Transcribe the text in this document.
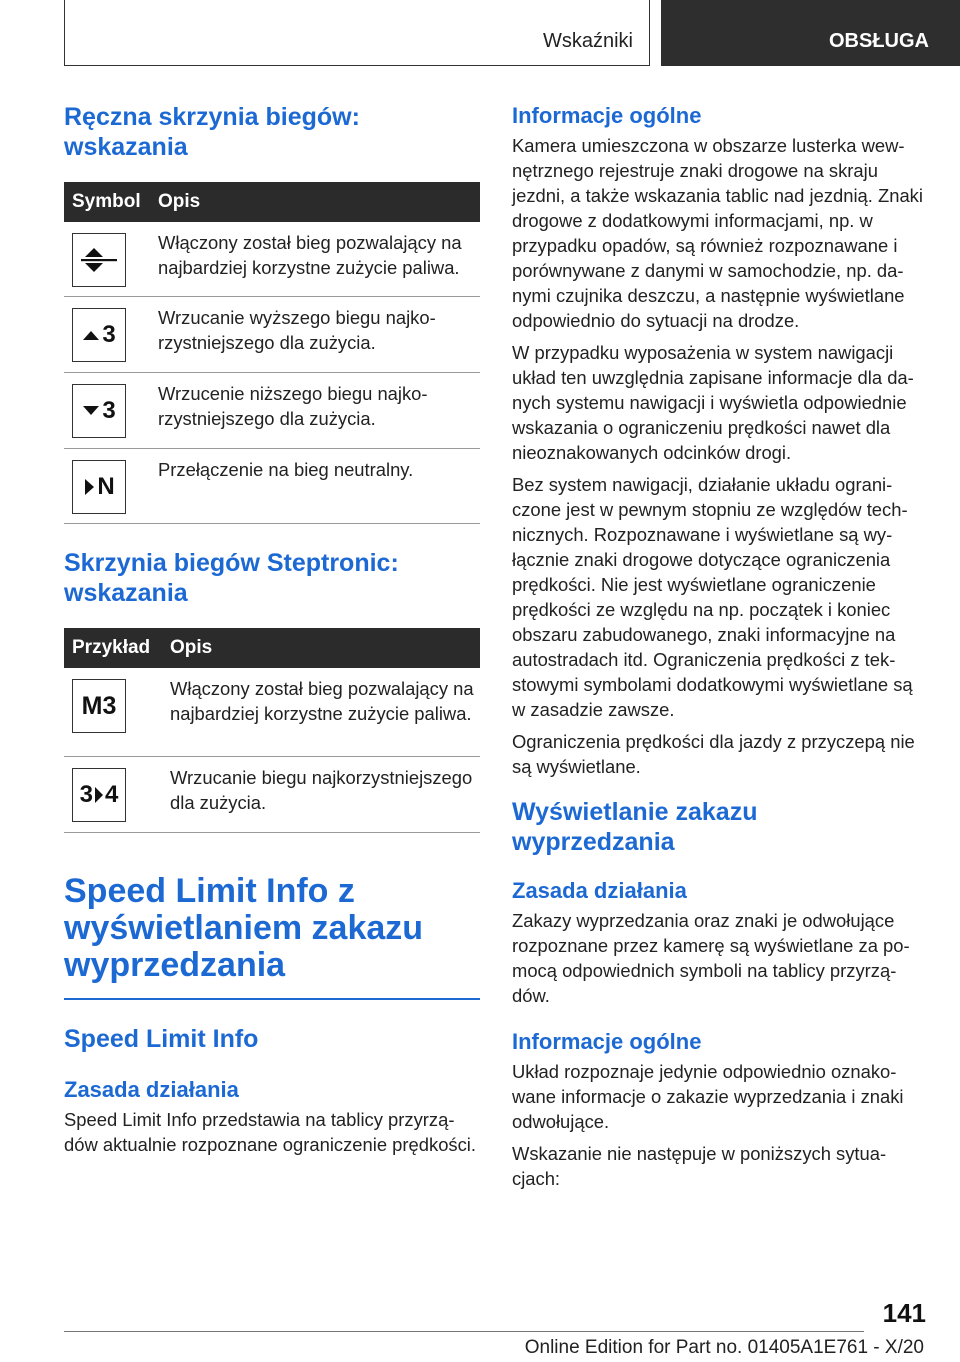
Wskaźniki	OBSŁUGA
Ręczna skrzynia biegów: wskazania
Symbol Opis
Włączony został bieg pozwalający na najbardziej korzystne zużycie paliwa.
3
Wrzucanie wyższego biegu najkorzystniejszego dla zużycia.
3
Wrzucenie niższego biegu najkorzystniejszego dla zużycia.
N
Przełączenie na bieg neutralny.
Skrzynia biegów Steptronic: wskazania
Przykład	Opis
M3
Włączony został bieg pozwalający na najbardziej korzystne zużycie paliwa.
3 4
Wrzucanie biegu najkorzystniejszego dla zużycia.
Speed Limit Info z wyświetlaniem zakazu wyprzedzania
Speed Limit Info
Zasada działania
Speed Limit Info przedstawia na tablicy przyrządów aktualnie rozpoznane ograniczenie prędkości.
Informacje ogólne
Kamera umieszczona w obszarze lusterka wewnętrznego rejestruje znaki drogowe na skraju jezdni, a także wskazania tablic nad jezdnią. Znaki drogowe z dodatkowymi informacjami, np. w przypadku opadów, są również rozpoznawane i porównywane z danymi w samochodzie, np. danymi czujnika deszczu, a następnie wyświetlane odpowiednio do sytuacji na drodze.
W przypadku wyposażenia w system nawigacji układ ten uwzględnia zapisane informacje dla danych systemu nawigacji i wyświetla odpowiednie wskazania o ograniczeniu prędkości nawet dla nieoznakowanych odcinków drogi.
Bez system nawigacji, działanie układu ograniczone jest w pewnym stopniu ze względów technicznych. Rozpoznawane i wyświetlane są wyłącznie znaki drogowe dotyczące ograniczenia prędkości. Nie jest wyświetlane ograniczenie prędkości ze względu na np. początek i koniec obszaru zabudowanego, znaki informacyjne na autostradach itd. Ograniczenia prędkości z tekstowymi symbolami dodatkowymi wyświetlane są w zasadzie zawsze.
Ograniczenia prędkości dla jazdy z przyczepą nie są wyświetlane.
Wyświetlanie zakazu wyprzedzania
Zasada działania
Zakazy wyprzedzania oraz znaki je odwołujące rozpoznane przez kamerę są wyświetlane za pomocą odpowiednich symboli na tablicy przyrządów.
Informacje ogólne
Układ rozpoznaje jedynie odpowiednio oznakowane informacje o zakazie wyprzedzania i znaki odwołujące.
Wskazanie nie następuje w poniższych sytuacjach:
141
Online Edition for Part no. 01405A1E761 - X/20
